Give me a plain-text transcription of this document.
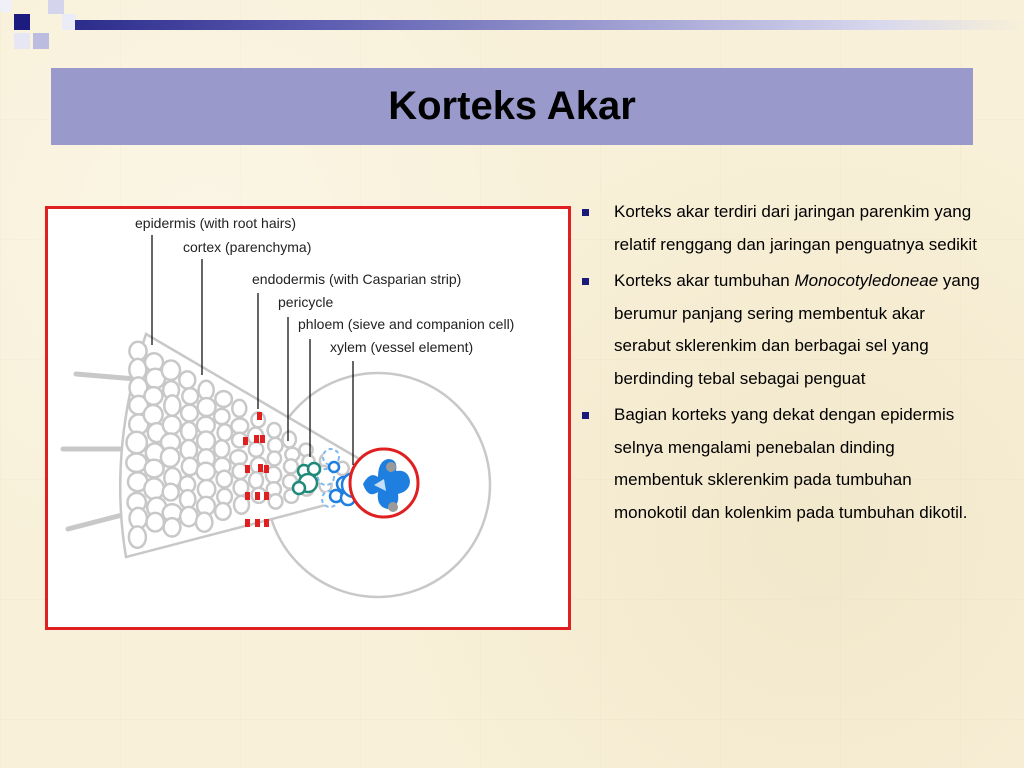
Korteks Akar
epidermis (with root hairs)
cortex (parenchyma)
endodermis (with Casparian strip)
pericycle
phloem (sieve and companion cell)
xylem (vessel element)
Korteks akar terdiri dari jaringan parenkim yang relatif renggang dan jaringan penguatnya sedikit
Korteks akar tumbuhan Monocotyledoneae yang berumur panjang sering membentuk akar serabut sklerenkim dan berbagai sel yang berdinding tebal sebagai penguat
Bagian korteks yang dekat dengan epidermis selnya mengalami penebalan dinding membentuk sklerenkim pada tumbuhan monokotil dan kolenkim pada tumbuhan dikotil.
